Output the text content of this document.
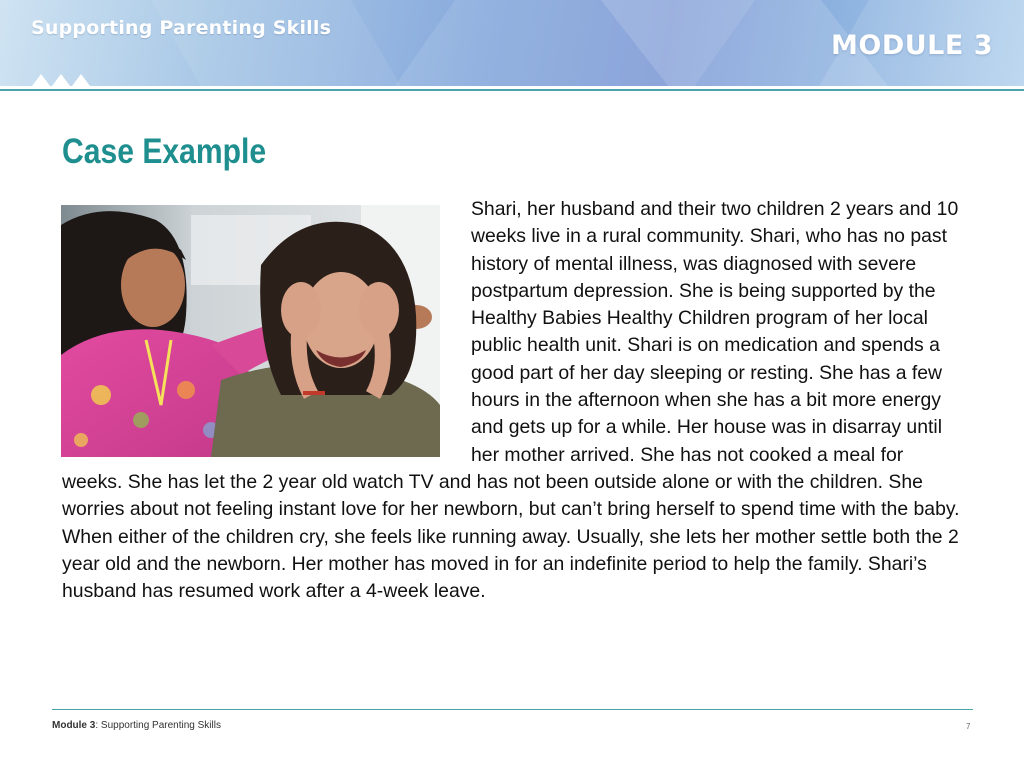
Supporting Parenting Skills
MODULE 3
Case Example
Shari, her husband and their two children 2 years and 10 weeks live in a rural community. Shari, who has no past history of mental illness, was diagnosed with severe postpartum depression. She is being supported by the Healthy Babies Healthy Children program of her local public health unit. Shari is on medication and spends a good part of her day sleeping or resting. She has a few hours in the afternoon when she has a bit more energy and gets up for a while. Her house was in disarray until her mother arrived. She has not cooked a meal for weeks. She has let the 2 year old watch TV and has not been outside alone or with the children. She worries about not feeling instant love for her newborn, but can’t bring herself to spend time with the baby. When either of the children cry, she feels like running away. Usually, she lets her mother settle both the 2 year old and the newborn. Her mother has moved in for an indefinite period to help the family. Shari’s husband has resumed work after a 4-week leave.
Module 3: Supporting Parenting Skills	7
